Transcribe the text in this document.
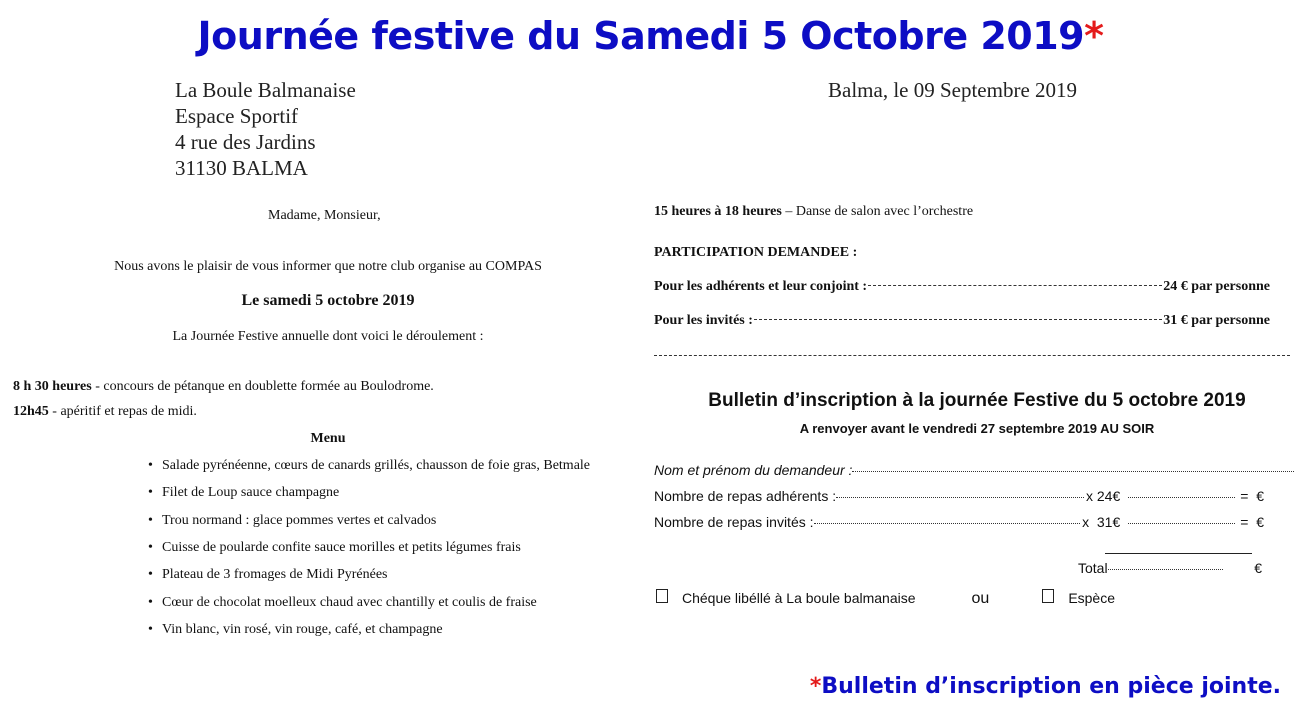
Journée festive du Samedi 5 Octobre 2019*
La Boule Balmanaise
Espace Sportif
4 rue des Jardins
31130 BALMA
Balma, le 09 Septembre 2019
Madame, Monsieur,
Nous avons le plaisir de vous informer que notre club organise au COMPAS
Le samedi 5 octobre 2019
La Journée Festive annuelle dont voici le déroulement :
8 h 30 heures - concours de pétanque en doublette formée au Boulodrome.
12h45 - apéritif et repas de midi.
Menu
• Salade pyrénéenne, cœurs de canards grillés, chausson de foie gras, Betmale
• Filet de Loup sauce champagne
• Trou normand : glace pommes vertes et calvados
• Cuisse de poularde confite sauce morilles et petits légumes frais
• Plateau de 3 fromages de Midi Pyrénées
• Cœur de chocolat moelleux chaud avec chantilly et coulis de fraise
• Vin blanc, vin rosé, vin rouge, café, et champagne
15 heures à 18 heures – Danse de salon avec l’orchestre
PARTICIPATION DEMANDEE :
Pour les adhérents et leur conjoint :	24 € par personne
Pour les invités :	31 € par personne
Bulletin d’inscription à la journée Festive du 5 octobre 2019
A renvoyer avant le vendredi 27 septembre 2019 AU SOIR
Nom et prénom du demandeur :
Nombre de repas adhérents :	x 24€	=  €
Nombre de repas invités :	x  31€	=  €
Total	€
Chéque libéllé à La boule balmanaise	ou	Espèce
*Bulletin d’inscription en pièce jointe.
